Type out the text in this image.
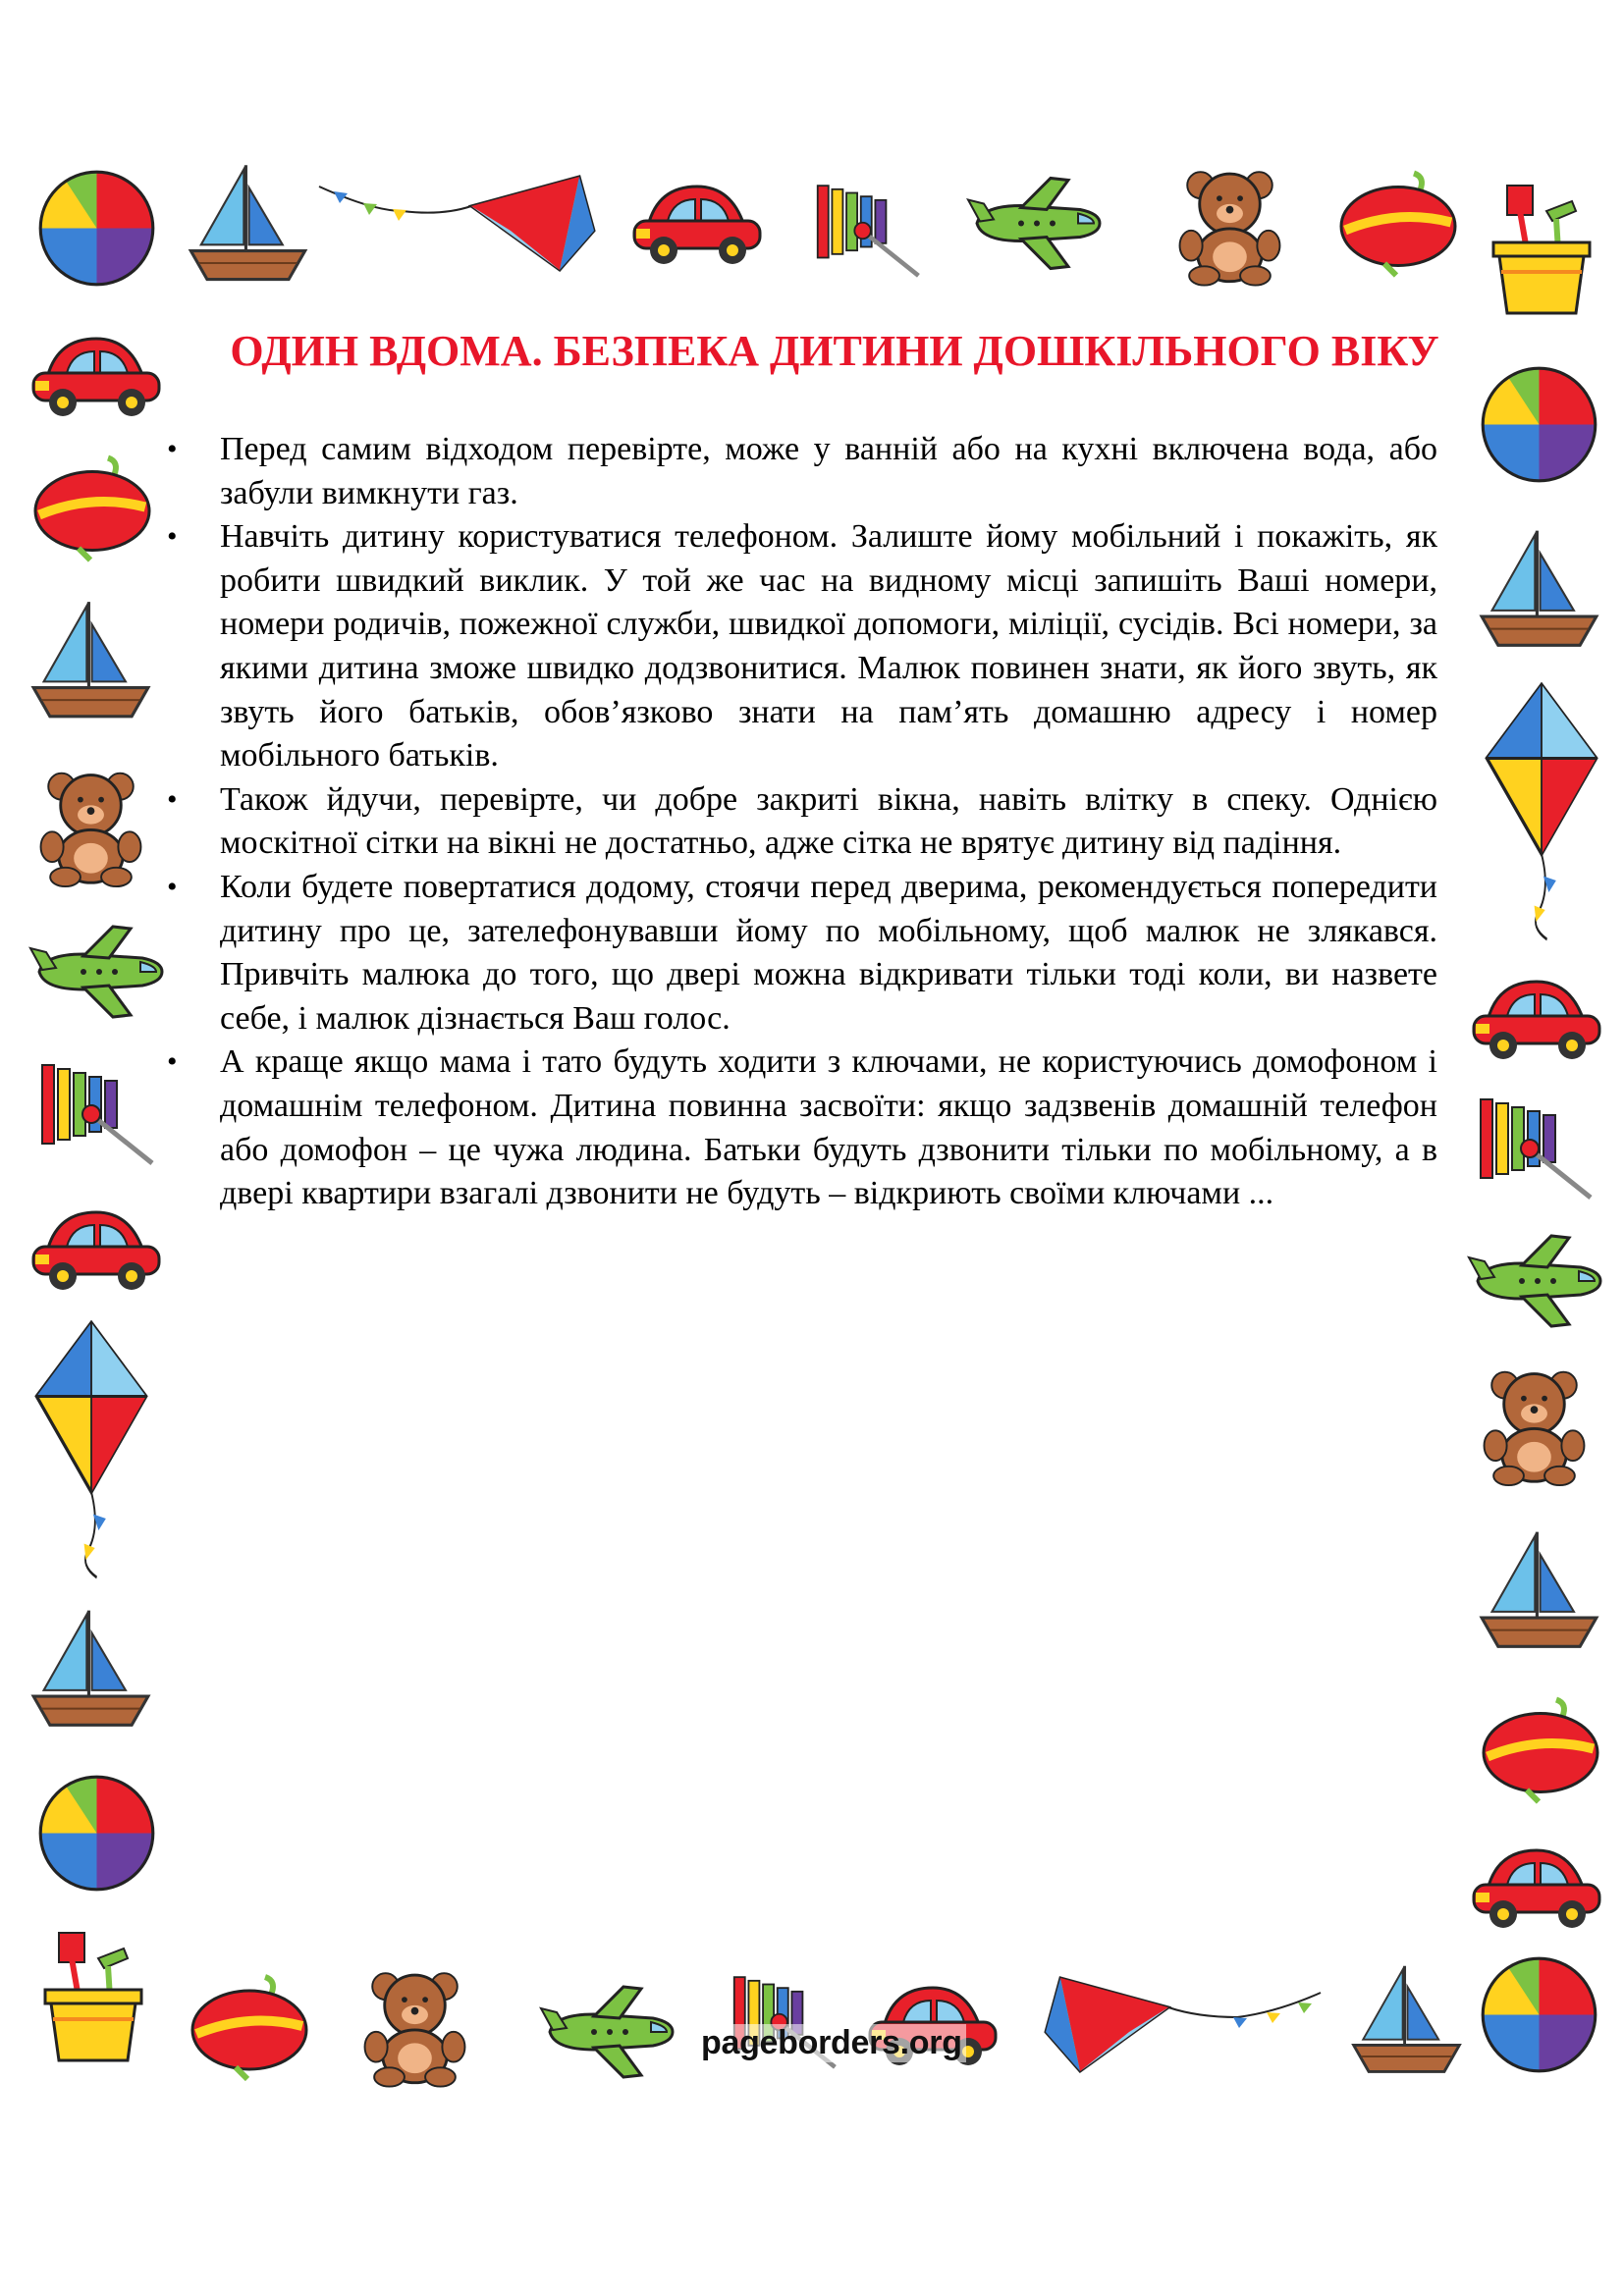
ОДИН ВДОМА. БЕЗПЕКА ДИТИНИ ДОШКІЛЬНОГО ВІКУ
• Перед самим відходом перевірте, може у ванній або на кухні включена вода, або забули вимкнути газ.
• Навчіть дитину користуватися телефоном. Залиште йому мобільний і покажіть, як робити швидкий виклик. У той же час на видному місці запишіть Ваші номери, номери родичів, пожежної служби, швидкої допомоги, міліції, сусідів. Всі номери, за якими дитина зможе швидко додзвонитися. Малюк повинен знати, як його звуть, як звуть його батьків, обов’язково знати на пам’ять домашню адресу і номер мобільного батьків.
• Також йдучи, перевірте, чи добре закриті вікна, навіть влітку в спеку. Однією москітної сітки на вікні не достатньо, адже сітка не врятує дитину від падіння.
• Коли будете повертатися додому, стоячи перед дверима, рекомендується попередити дитину про це, зателефонувавши йому по мобільному, щоб малюк не злякався. Привчіть малюка до того, що двері можна відкривати тільки тоді коли, ви назвете себе, і малюк дізнається Ваш голос.
• А краще якщо мама і тато будуть ходити з ключами, не користуючись домофоном і домашнім телефоном. Дитина повинна засвоїти: якщо задзвенів домашній телефон або домофон – це чужа людина. Батьки будуть дзвонити тільки по мобільному, а в двері квартири взагалі дзвонити не будуть – відкриють своїми ключами ...
pageborders.org
